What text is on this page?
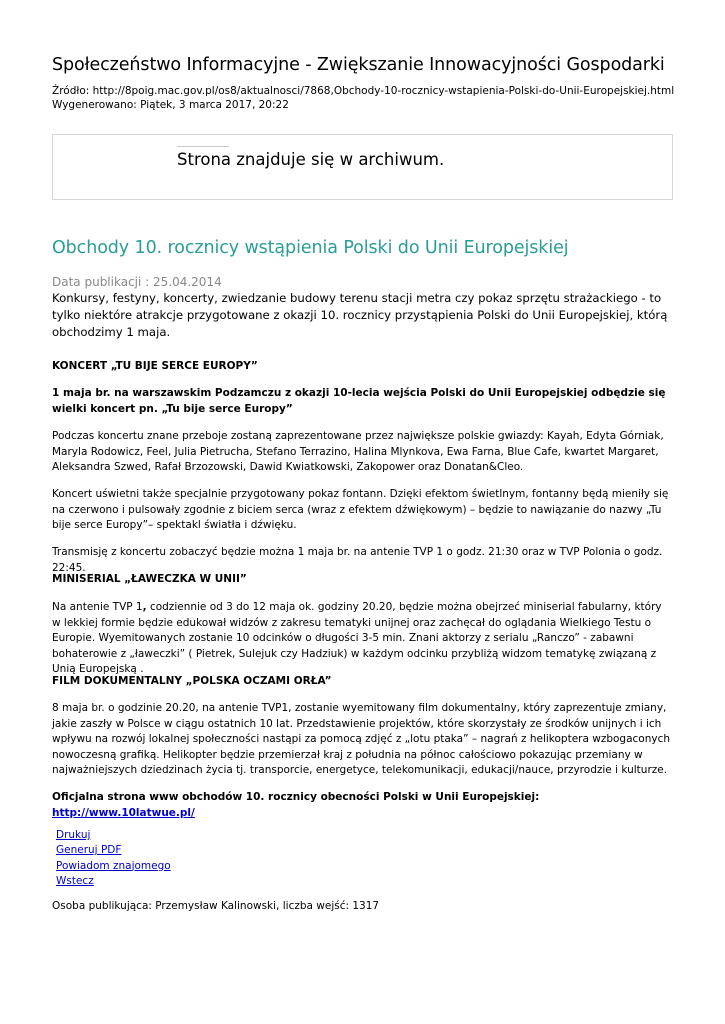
Społeczeństwo Informacyjne - Zwiększanie Innowacyjności Gospodarki
Źródło: http://8poig.mac.gov.pl/os8/aktualnosci/7868,Obchody-10-rocznicy-wstapienia-Polski-do-Unii-Europejskiej.html
Wygenerowano: Piątek, 3 marca 2017, 20:22
Strona znajduje się w archiwum.
Obchody 10. rocznicy wstąpienia Polski do Unii Europejskiej
Data publikacji : 25.04.2014

Konkursy, festyny, koncerty, zwiedzanie budowy terenu stacji metra czy pokaz sprzętu strażackiego - to tylko niektóre atrakcje przygotowane z okazji 10. rocznicy przystąpienia Polski do Unii Europejskiej, którą obchodzimy 1 maja.

KONCERT „TU BIJE SERCE EUROPY”

1 maja br. na warszawskim Podzamczu z okazji 10-lecia wejścia Polski do Unii Europejskiej odbędzie się wielki koncert pn. „Tu bije serce Europy”

Podczas koncertu znane przeboje zostaną zaprezentowane przez największe polskie gwiazdy: Kayah, Edyta Górniak, Maryla Rodowicz, Feel, Julia Pietrucha, Stefano Terrazino, Halina Mlynkova, Ewa Farna, Blue Cafe, kwartet Margaret, Aleksandra Szwed, Rafał Brzozowski, Dawid Kwiatkowski, Zakopower oraz Donatan&Cleo.

Koncert uświetni także specjalnie przygotowany pokaz fontann. Dzięki efektom świetlnym, fontanny będą mieniły się na czerwono i pulsowały zgodnie z biciem serca (wraz z efektem dźwiękowym) – będzie to nawiązanie do nazwy „Tu bije serce Europy”– spektakl światła i dźwięku.

Transmisję z koncertu zobaczyć będzie można 1 maja br. na antenie TVP 1 o godz. 21:30 oraz w TVP Polonia o godz. 22:45.

MINISERIAL „ŁAWECZKA W UNII”

Na antenie TVP 1, codziennie od 3 do 12 maja ok. godziny 20.20, będzie można obejrzeć miniserial fabularny, który w lekkiej formie będzie edukował widzów z zakresu tematyki unijnej oraz zachęcał do oglądania Wielkiego Testu o Europie. Wyemitowanych zostanie 10 odcinków o długości 3-5 min. Znani aktorzy z serialu „Ranczo” - zabawni bohaterowie z „ławeczki” ( Pietrek, Sulejuk czy Hadziuk) w każdym odcinku przybliżą widzom tematykę związaną z Unią Europejską .

FILM DOKUMENTALNY „POLSKA OCZAMI ORŁA”

8 maja br. o godzinie 20.20, na antenie TVP1, zostanie wyemitowany film dokumentalny, który zaprezentuje zmiany, jakie zaszły w Polsce w ciągu ostatnich 10 lat. Przedstawienie projektów, które skorzystały ze środków unijnych i ich wpływu na rozwój lokalnej społeczności nastąpi za pomocą zdjęć z „lotu ptaka” – nagrań z helikoptera wzbogaconych nowoczesną grafiką. Helikopter będzie przemierzał kraj z południa na północ całościowo pokazując przemiany w najważniejszych dziedzinach życia tj. transporcie, energetyce, telekomunikacji, edukacji/nauce, przyrodzie i kulturze.

Oficjalna strona www obchodów 10. rocznicy obecności Polski w Unii Europejskiej: http://www.10latwue.pl/

Drukuj
Generuj PDF
Powiadom znajomego
Wstecz
Osoba publikująca: Przemysław Kalinowski, liczba wejść: 1317
